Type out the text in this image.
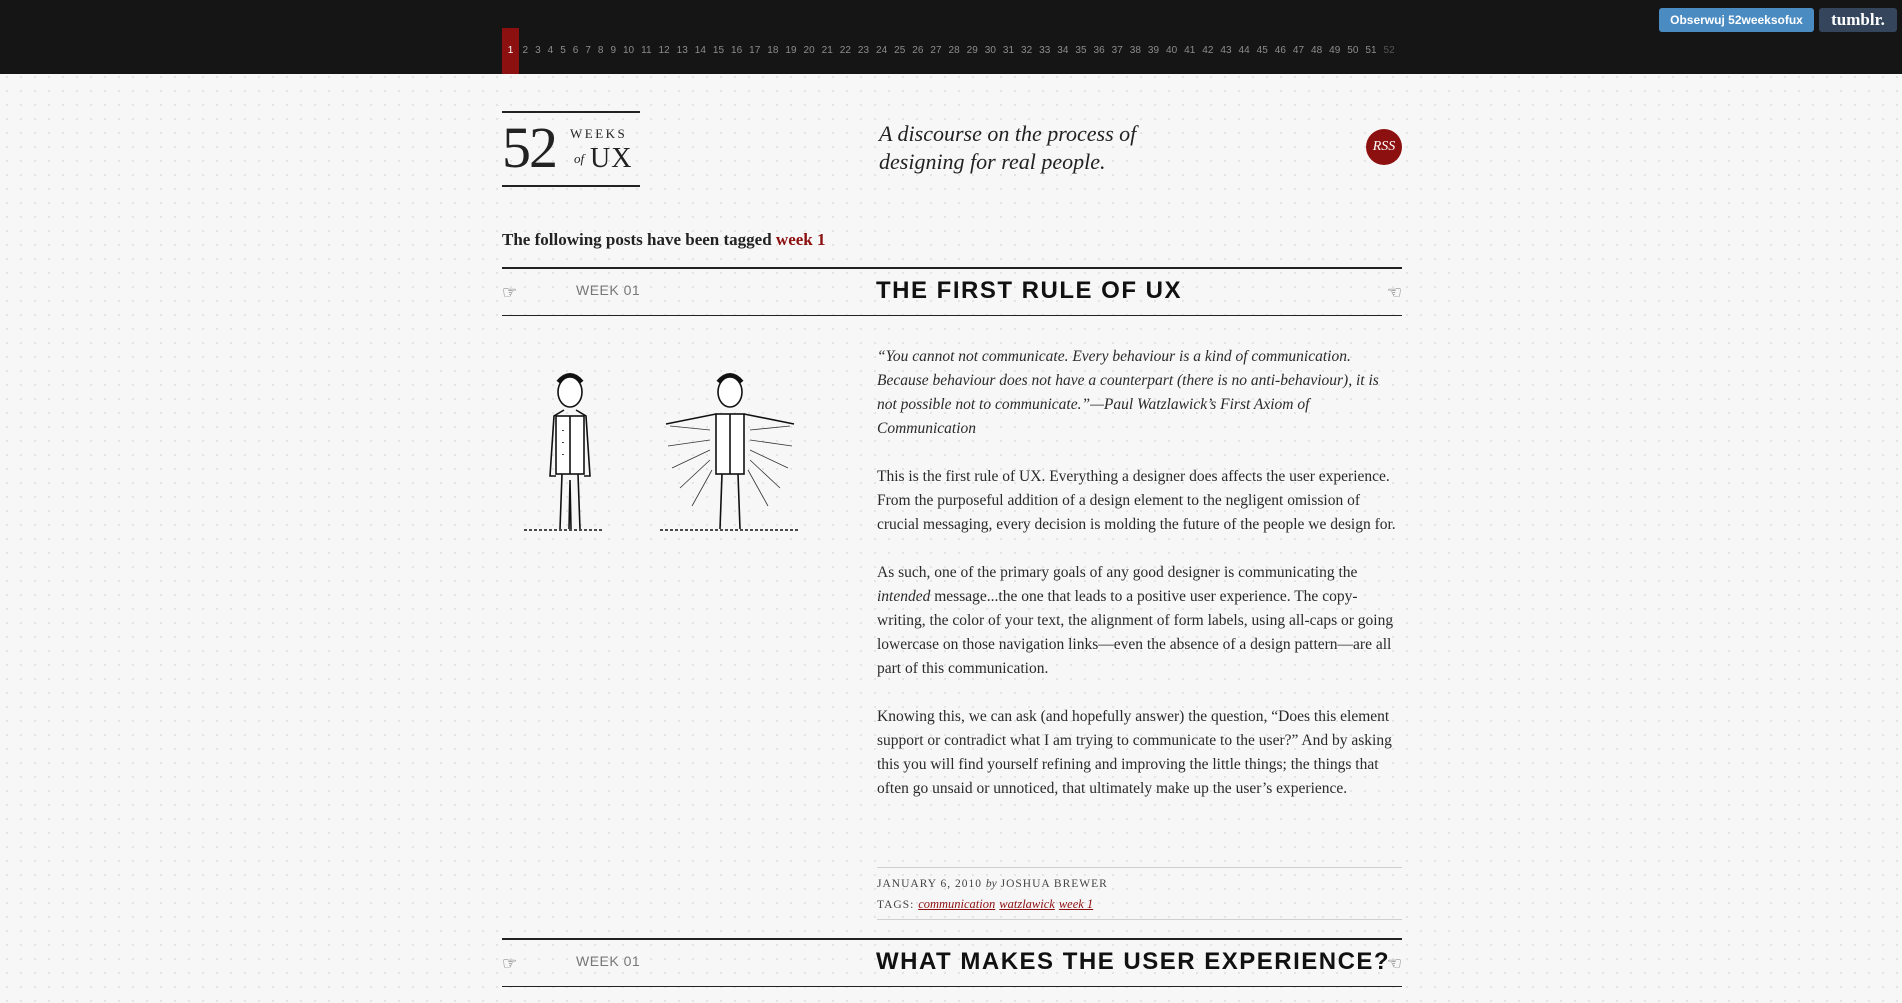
1 2 3 4 5 6 7 8 9 10 11 12 13 14 15 16 17 18 19 20 21 22 23 24 25 26 27 28 29 30 31 32 33 34 35 36 37 38 39 40 41 42 43 44 45 46 47 48 49 50 51 52
Obserwuj 52weeksofux	tumblr.
52 WEEKS
of UX
A discourse on the process of designing for real people.
RSS
The following posts have been tagged week 1
☞	WEEK 01	THE FIRST RULE OF UX	☜

“You cannot not communicate. Every behaviour is a kind of communication. Because behaviour does not have a counterpart (there is no anti-behaviour), it is not possible not to communicate.”—Paul Watzlawick’s First Axiom of Communication

This is the first rule of UX. Everything a designer does affects the user experience. From the purposeful addition of a design element to the negligent omission of crucial messaging, every decision is molding the future of the people we design for.

As such, one of the primary goals of any good designer is communicating the intended message...the one that leads to a positive user experience. The copy-writing, the color of your text, the alignment of form labels, using all-caps or going lowercase on those navigation links—even the absence of a design pattern—are all part of this communication.

Knowing this, we can ask (and hopefully answer) the question, “Does this element support or contradict what I am trying to communicate to the user?” And by asking this you will find yourself refining and improving the little things; the things that often go unsaid or unnoticed, that ultimately make up the user’s experience.

JANUARY 6, 2010 by JOSHUA BREWER
TAGS: communication watzlawick week 1
☞	WEEK 01	WHAT MAKES THE USER EXPERIENCE?
☜
